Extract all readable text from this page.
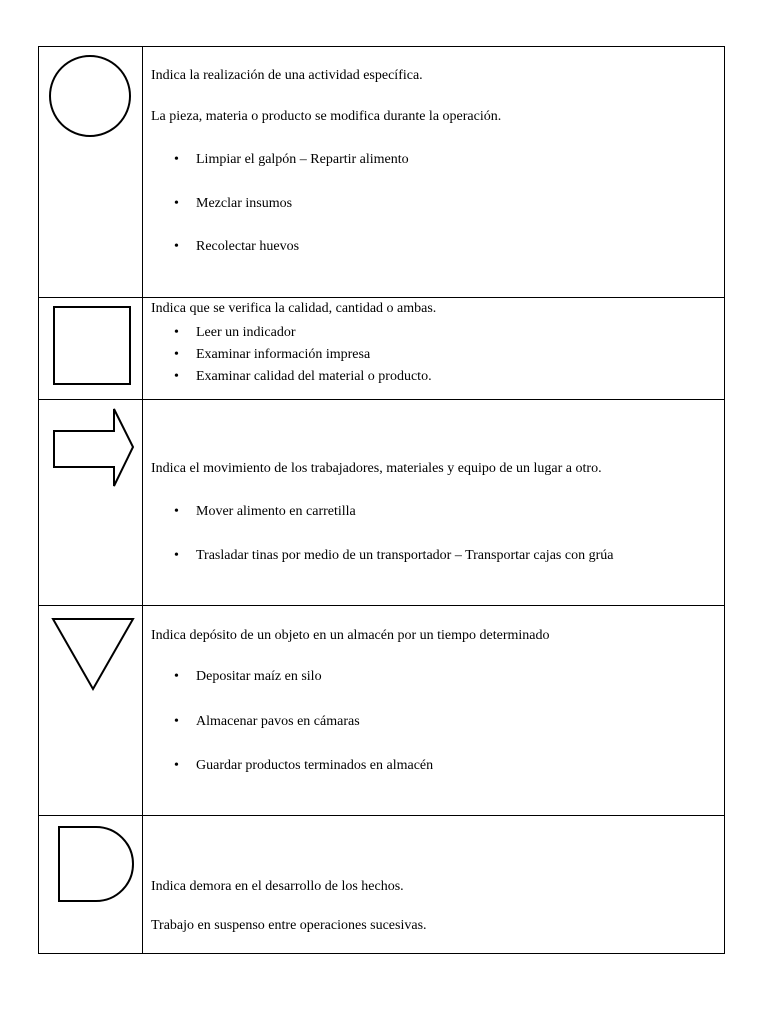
Indica la realización de una actividad específica.
La pieza, materia o producto se modifica durante la operación.
• Limpiar el galpón – Repartir alimento
• Mezclar insumos
• Recolectar huevos
Indica que se verifica la calidad, cantidad o ambas.
• Leer un indicador
• Examinar información impresa
• Examinar calidad del material o producto.
Indica el movimiento de los trabajadores, materiales y equipo de un lugar a otro.
• Mover alimento en carretilla
• Trasladar tinas por medio de un transportador – Transportar cajas con grúa
Indica depósito de un objeto en un almacén por un tiempo determinado
• Depositar maíz en silo
• Almacenar pavos en cámaras
• Guardar productos terminados en almacén
Indica demora en el desarrollo de los hechos.
Trabajo en suspenso entre operaciones sucesivas.
